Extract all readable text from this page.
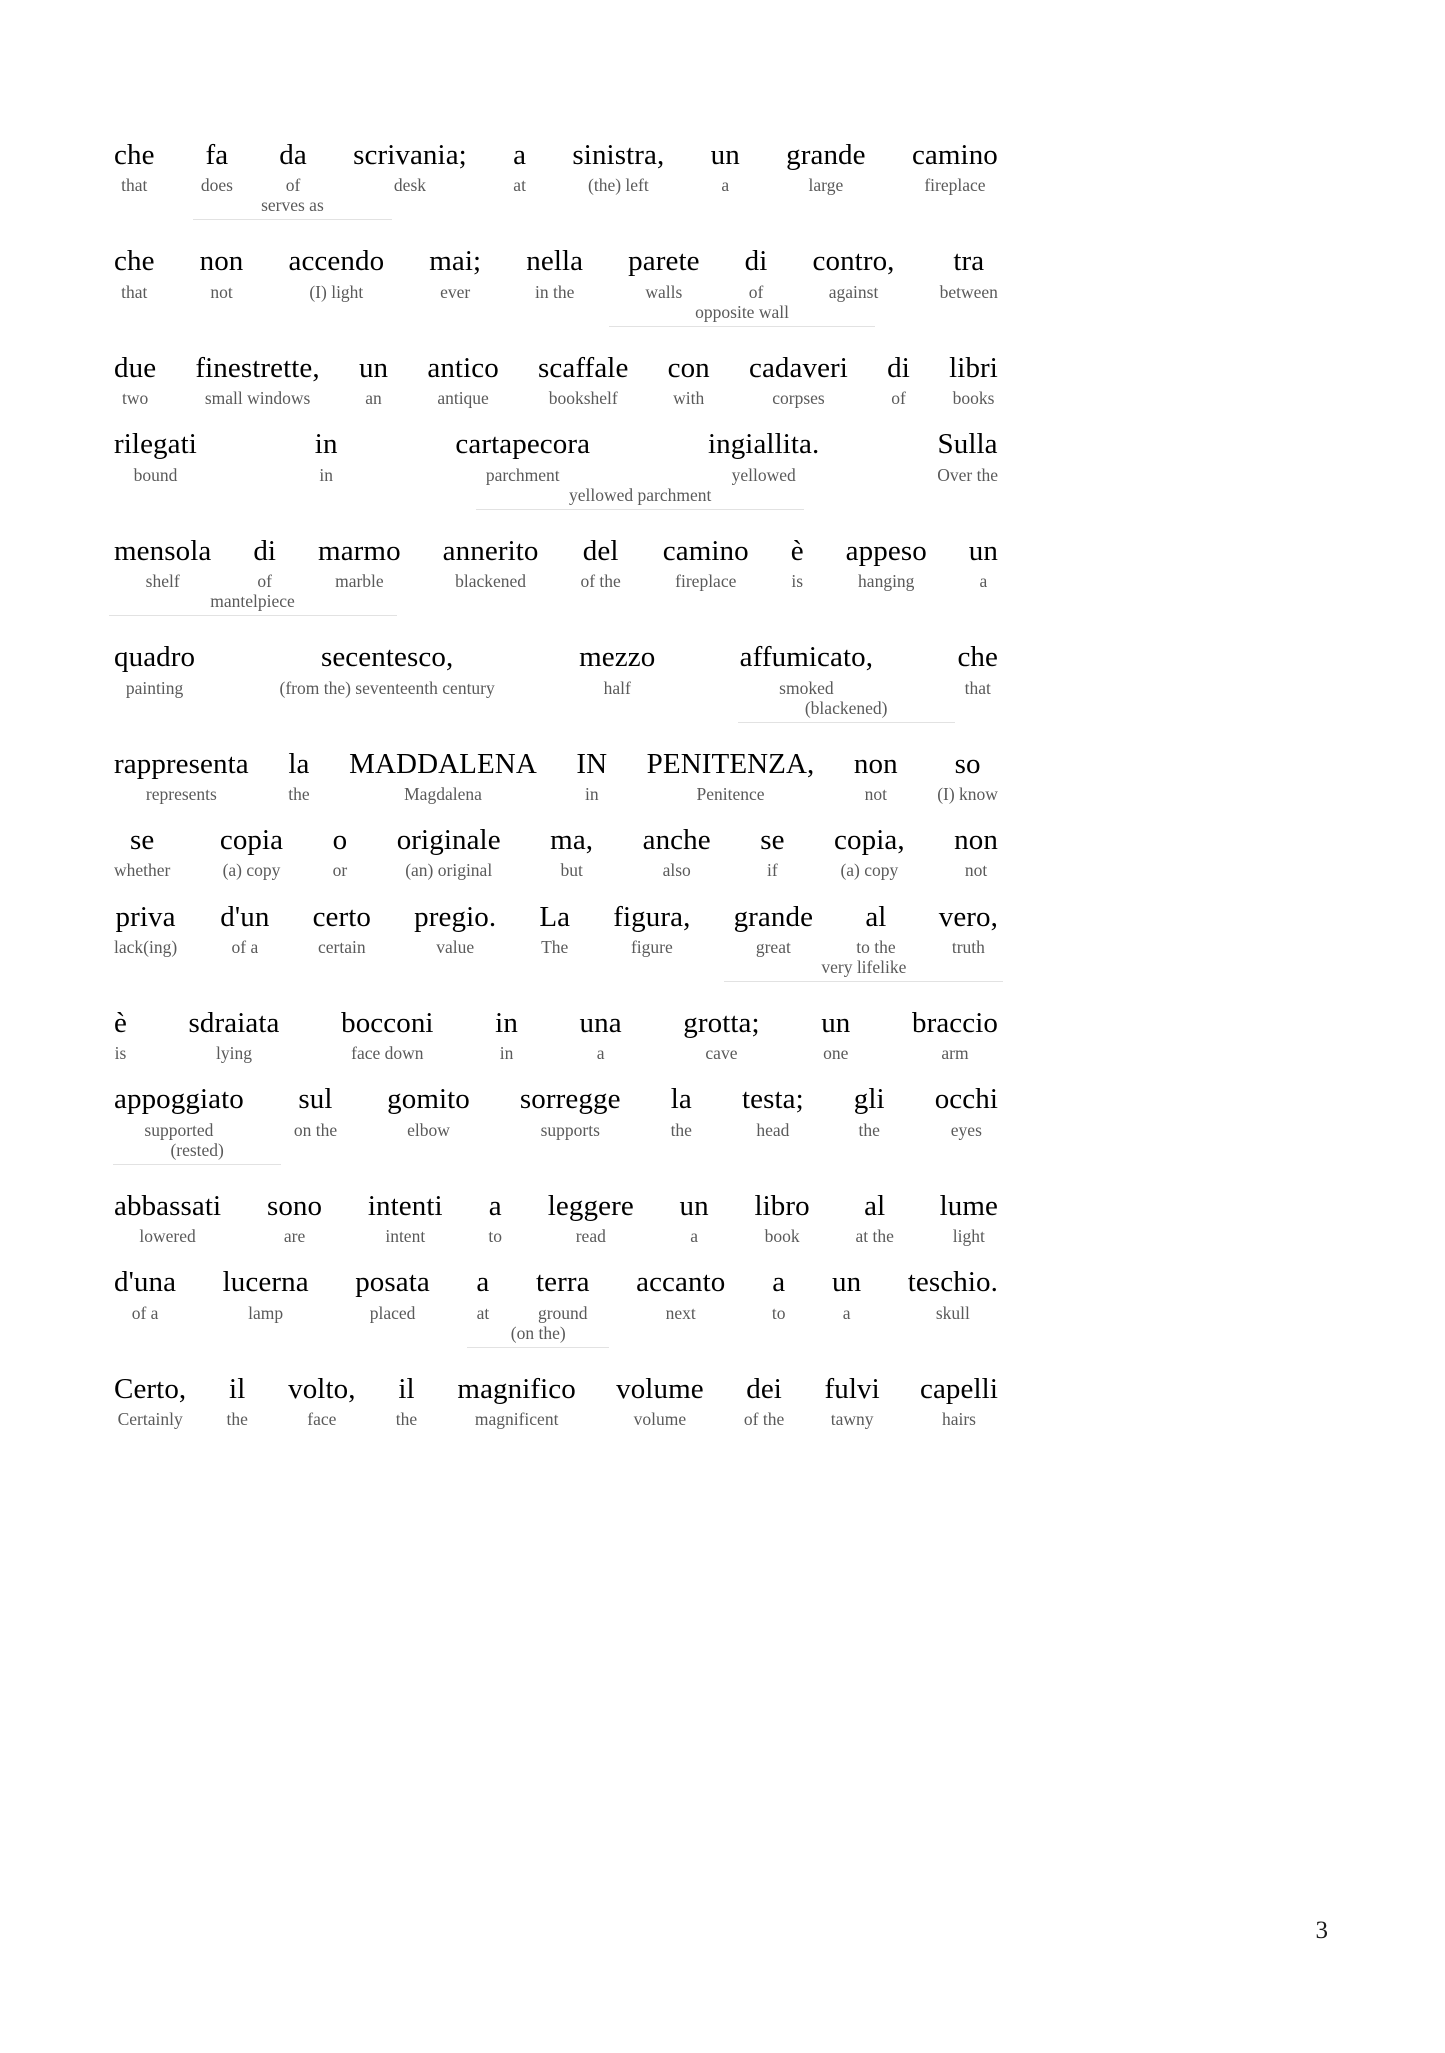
che
that
fa
does
da
of
scrivania;
desk
a
at
sinistra,
(the) left
un
a
grande
large
camino
fireplace
serves as
che
that
non
not
accendo
(I) light
mai;
ever
nella
in the
parete
walls
di
of
contro,
against
tra
between
opposite wall
due
two
finestrette,
small windows
un
an
antico
antique
scaffale
bookshelf
con
with
cadaveri
corpses
di
of
libri
books
rilegati
bound
in
in
cartapecora
parchment
ingiallita.
yellowed
Sulla
Over the
yellowed parchment
mensola
shelf
di
of
marmo
marble
annerito
blackened
del
of the
camino
fireplace
è
is
appeso
hanging
un
a
mantelpiece
quadro
painting
secentesco,
(from the) seventeenth century
mezzo
half
affumicato,
smoked
che
that
(blackened)
rappresenta
represents
la
the
MADDALENA
Magdalena
IN
in
PENITENZA,
Penitence
non
not
so
(I) know
se
whether
copia
(a) copy
o
or
originale
(an) original
ma,
but
anche
also
se
if
copia,
(a) copy
non
not
priva
lack(ing)
d'un
of a
certo
certain
pregio.
value
La
The
figura,
figure
grande
great
al
to the
vero,
truth
very lifelike
è
is
sdraiata
lying
bocconi
face down
in
in
una
a
grotta;
cave
un
one
braccio
arm
appoggiato
supported
sul
on the
gomito
elbow
sorregge
supports
la
the
testa;
head
gli
the
occhi
eyes
(rested)
abbassati
lowered
sono
are
intenti
intent
a
to
leggere
read
un
a
libro
book
al
at the
lume
light
d'una
of a
lucerna
lamp
posata
placed
a
at
terra
ground
accanto
next
a
to
un
a
teschio.
skull
(on the)
Certo,
Certainly
il
the
volto,
face
il
the
magnifico
magnificent
volume
volume
dei
of the
fulvi
tawny
capelli
hairs
3
